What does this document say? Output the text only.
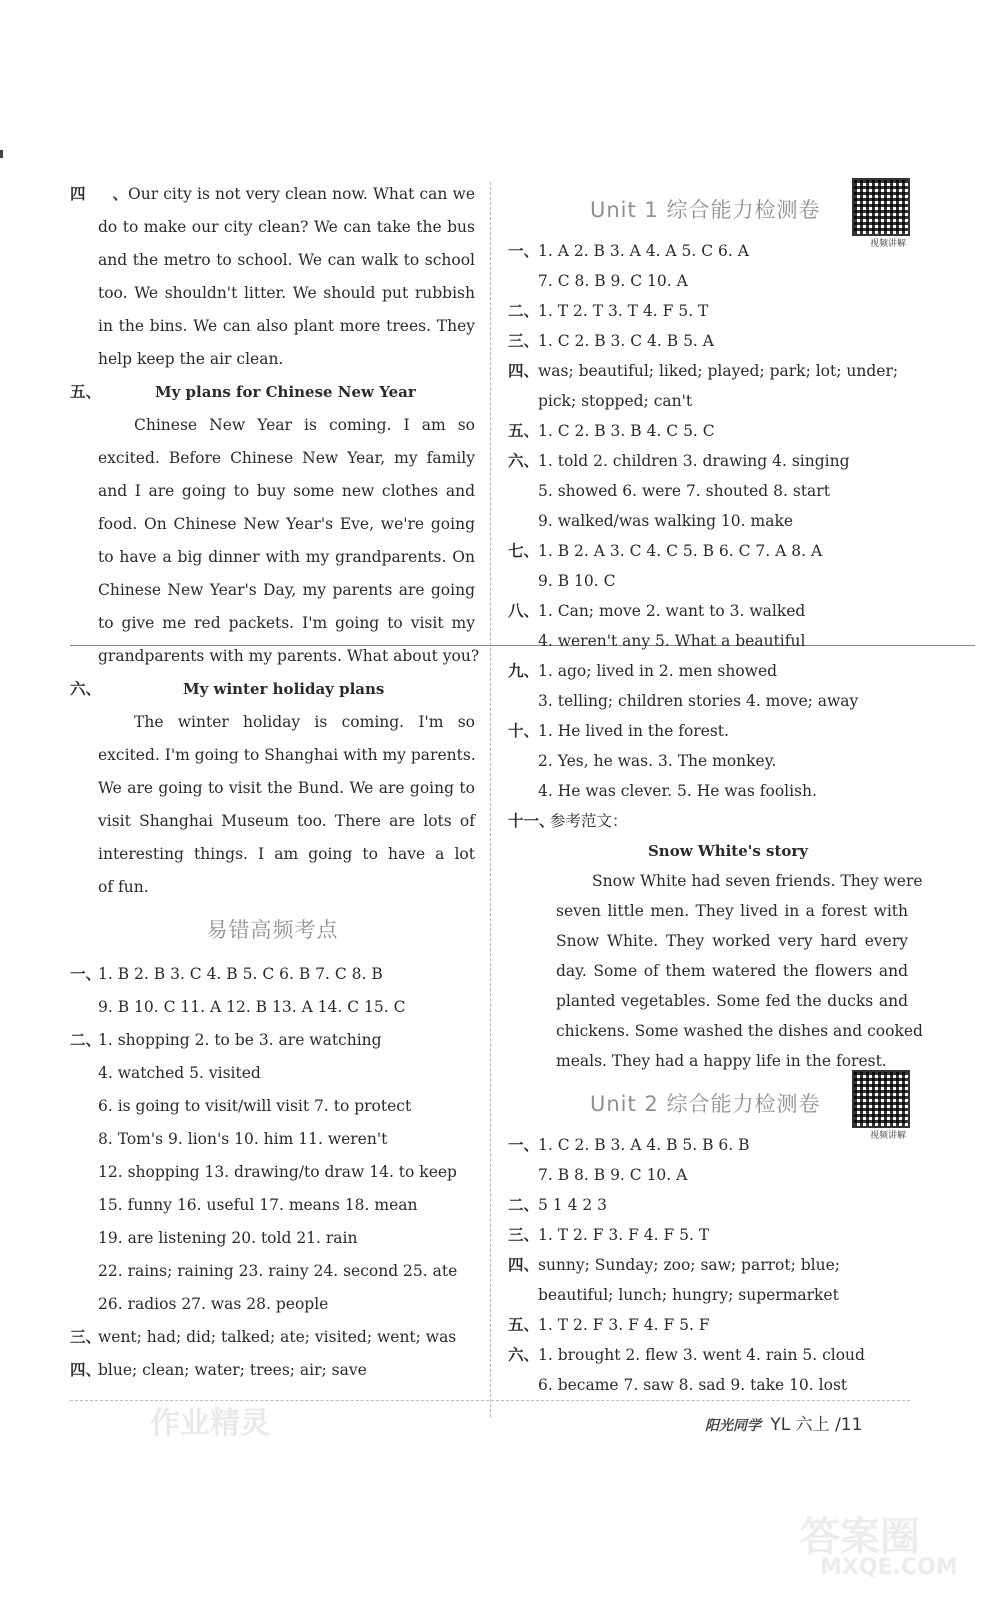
四、Our city is not very clean now. What can we
do to make our city clean? We can take the bus
and the metro to school. We can walk to school
too. We shouldn't litter. We should put rubbish
in the bins. We can also plant more trees. They
help keep the air clean.
五、	My plans for Chinese New Year
Chinese New Year is coming. I am so
excited. Before Chinese New Year, my family
and I are going to buy some new clothes and
food. On Chinese New Year's Eve, we're going
to have a big dinner with my grandparents. On
Chinese New Year's Day, my parents are going
to give me red packets. I'm going to visit my
grandparents with my parents. What about you?
六、	My winter holiday plans
The winter holiday is coming. I'm so
excited. I'm going to Shanghai with my parents.
We are going to visit the Bund. We are going to
visit Shanghai Museum too. There are lots of
interesting things. I am going to have a lot
of fun.
易错高频考点
一、1. B 2. B 3. C 4. B 5. C 6. B 7. C 8. B
9. B 10. C 11. A 12. B 13. A 14. C 15. C
二、1. shopping 2. to be 3. are watching
4. watched 5. visited
6. is going to visit/will visit 7. to protect
8. Tom's 9. lion's 10. him 11. weren't
12. shopping 13. drawing/to draw 14. to keep
15. funny 16. useful 17. means 18. mean
19. are listening 20. told 21. rain
22. rains; raining 23. rainy 24. second 25. ate
26. radios 27. was 28. people
三、went; had; did; talked; ate; visited; went; was
四、blue; clean; water; trees; air; save
Unit 1 综合能力检测卷
视频讲解
一、1. A 2. B 3. A 4. A 5. C 6. A
7. C 8. B 9. C 10. A
二、1. T 2. T 3. T 4. F 5. T
三、1. C 2. B 3. C 4. B 5. A
四、was; beautiful; liked; played; park; lot; under;
pick; stopped; can't
五、1. C 2. B 3. B 4. C 5. C
六、1. told 2. children 3. drawing 4. singing
5. showed 6. were 7. shouted 8. start
9. walked/was walking 10. make
七、1. B 2. A 3. C 4. C 5. B 6. C 7. A 8. A
9. B 10. C
八、1. Can; move 2. want to 3. walked
4. weren't any 5. What a beautiful
九、1. ago; lived in 2. men showed
3. telling; children stories 4. move; away
十、1. He lived in the forest.
2. Yes, he was. 3. The monkey.
4. He was clever. 5. He was foolish.
十一、参考范文：
Snow White's story
Snow White had seven friends. They were
seven little men. They lived in a forest with
Snow White. They worked very hard every
day. Some of them watered the flowers and
planted vegetables. Some fed the ducks and
chickens. Some washed the dishes and cooked
meals. They had a happy life in the forest.
Unit 2 综合能力检测卷
视频讲解
一、1. C 2. B 3. A 4. B 5. B 6. B
7. B 8. B 9. C 10. A
二、5 1 4 2 3
三、1. T 2. F 3. F 4. F 5. T
四、sunny; Sunday; zoo; saw; parrot; blue;
beautiful; lunch; hungry; supermarket
五、1. T 2. F 3. F 4. F 5. F
六、1. brought 2. flew 3. went 4. rain 5. cloud
6. became 7. saw 8. sad 9. take 10. lost
阳光同学 YL 六上 /11
作业精灵
答案圈
MXQE.COM
